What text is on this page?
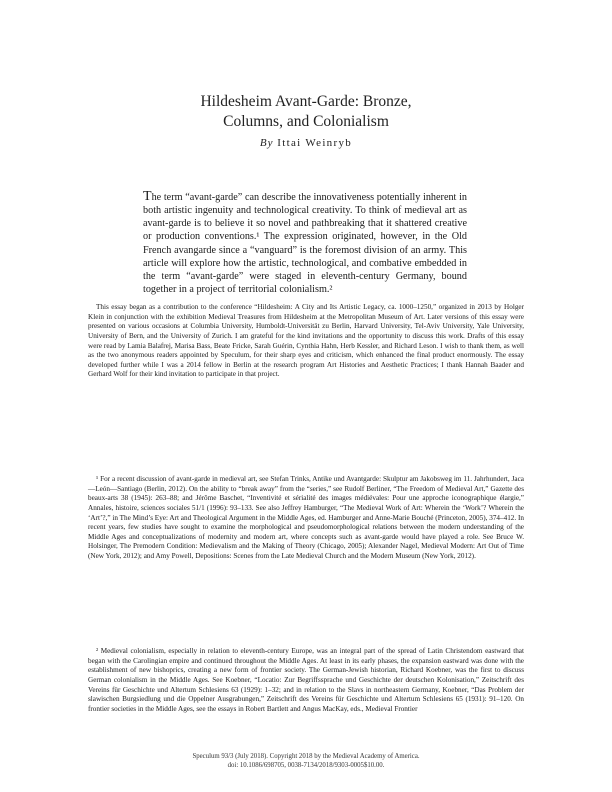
Hildesheim Avant-Garde: Bronze,
Columns, and Colonialism
By Ittai Weinryb

The term “avant-garde” can describe the innovativeness potentially inherent in both artistic ingenuity and technological creativity. To think of medieval art as avant-garde is to believe it so novel and pathbreaking that it shattered creative or production conventions.¹ The expression originated, however, in the Old French avangarde since a “vanguard” is the foremost division of an army. This article will explore how the artistic, technological, and combative embedded in the term “avant-garde” were staged in eleventh-century Germany, bound together in a project of territorial colonialism.²

This essay began as a contribution to the conference “Hildesheim: A City and Its Artistic Legacy, ca. 1000–1250,” organized in 2013 by Holger Klein in conjunction with the exhibition Medieval Treasures from Hildesheim at the Metropolitan Museum of Art. Later versions of this essay were presented on various occasions at Columbia University, Humboldt-Universität zu Berlin, Harvard University, Tel-Aviv University, Yale University, University of Bern, and the University of Zurich. I am grateful for the kind invitations and the opportunity to discuss this work. Drafts of this essay were read by Lamia Balafrej, Marisa Bass, Beate Fricke, Sarah Guérin, Cynthia Hahn, Herb Kessler, and Richard Leson. I wish to thank them, as well as the two anonymous readers appointed by Speculum, for their sharp eyes and criticism, which enhanced the final product enormously. The essay developed further while I was a 2014 fellow in Berlin at the research program Art Histories and Aesthetic Practices; I thank Hannah Baader and Gerhard Wolf for their kind invitation to participate in that project.

¹ For a recent discussion of avant-garde in medieval art, see Stefan Trinks, Antike und Avantgarde: Skulptur am Jakobsweg im 11. Jahrhundert, Jaca—León—Santiago (Berlin, 2012). On the ability to “break away” from the “series,” see Rudolf Berliner, “The Freedom of Medieval Art,” Gazette des beaux-arts 38 (1945): 263–88; and Jérôme Baschet, “Inventivité et sérialité des images médiévales: Pour une approche iconographique élargie,” Annales, histoire, sciences sociales 51/1 (1996): 93–133. See also Jeffrey Hamburger, “The Medieval Work of Art: Wherein the ‘Work’? Wherein the ‘Art’?,” in The Mind’s Eye: Art and Theological Argument in the Middle Ages, ed. Hamburger and Anne-Marie Bouché (Princeton, 2005), 374–412. In recent years, few studies have sought to examine the morphological and pseudomorphological relations between the modern understanding of the Middle Ages and conceptualizations of modernity and modern art, where concepts such as avant-garde would have played a role. See Bruce W. Holsinger, The Premodern Condition: Medievalism and the Making of Theory (Chicago, 2005); Alexander Nagel, Medieval Modern: Art Out of Time (New York, 2012); and Amy Powell, Depositions: Scenes from the Late Medieval Church and the Modern Museum (New York, 2012).

² Medieval colonialism, especially in relation to eleventh-century Europe, was an integral part of the spread of Latin Christendom eastward that began with the Carolingian empire and continued throughout the Middle Ages. At least in its early phases, the expansion eastward was done with the establishment of new bishoprics, creating a new form of frontier society. The German-Jewish historian, Richard Koebner, was the first to discuss German colonialism in the Middle Ages. See Koebner, “Locatio: Zur Begriffssprache und Geschichte der deutschen Kolonisation,” Zeitschrift des Vereins für Geschichte und Altertum Schlesiens 63 (1929): 1–32; and in relation to the Slavs in northeastern Germany, Koebner, “Das Problem der slawischen Burgsiedlung und die Oppelner Ausgrabungen,” Zeitschrift des Vereins für Geschichte und Altertum Schlesiens 65 (1931): 91–120. On frontier societies in the Middle Ages, see the essays in Robert Bartlett and Angus MacKay, eds., Medieval Frontier

Speculum 93/3 (July 2018). Copyright 2018 by the Medieval Academy of America.
doi: 10.1086/698705, 0038-7134/2018/9303-0005$10.00.
